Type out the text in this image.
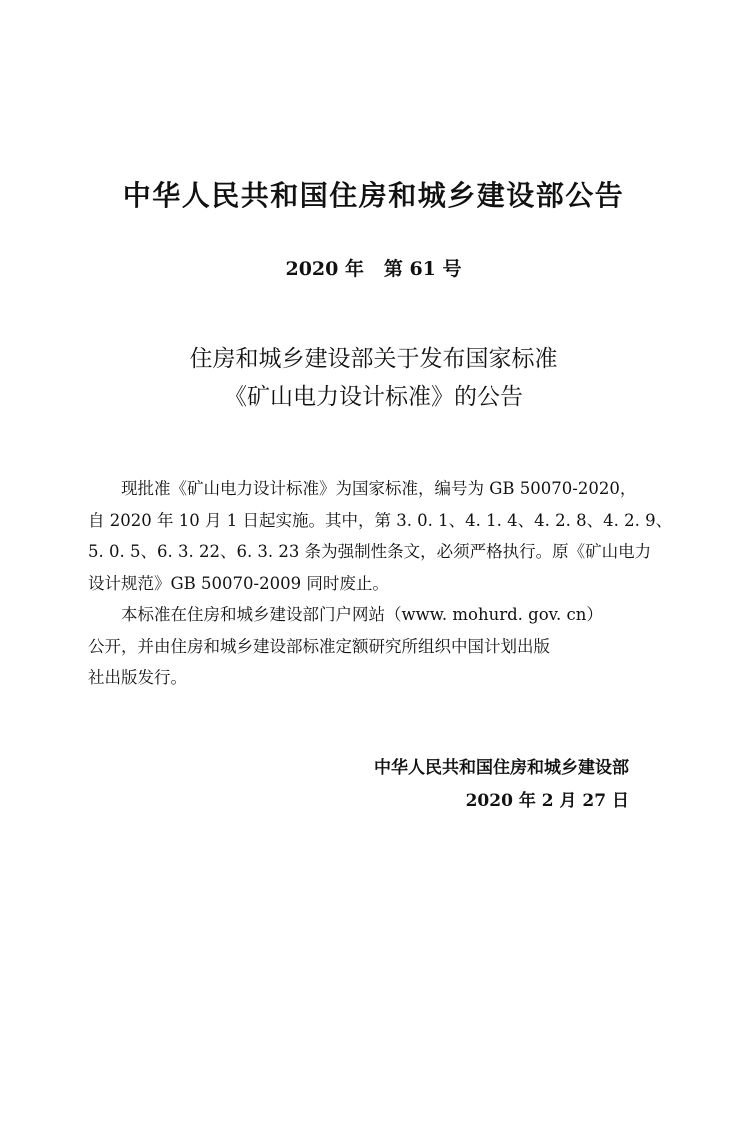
中华人民共和国住房和城乡建设部公告
2020 年   第 61 号
住房和城乡建设部关于发布国家标准
《矿山电力设计标准》的公告

　　现批准《矿山电力设计标准》为国家标准，编号为 GB 50070-2020，
自 2020 年 10 月 1 日起实施。其中，第 3. 0. 1、4. 1. 4、4. 2. 8、4. 2. 9、
5. 0. 5、6. 3. 22、6. 3. 23 条为强制性条文，必须严格执行。原《矿山电力
设计规范》GB 50070-2009 同时废止。

　　本标准在住房和城乡建设部门户网站（www. mohurd. gov. cn）
公开，并由住房和城乡建设部标准定额研究所组织中国计划出版
社出版发行。

中华人民共和国住房和城乡建设部
2020 年 2 月 27 日
